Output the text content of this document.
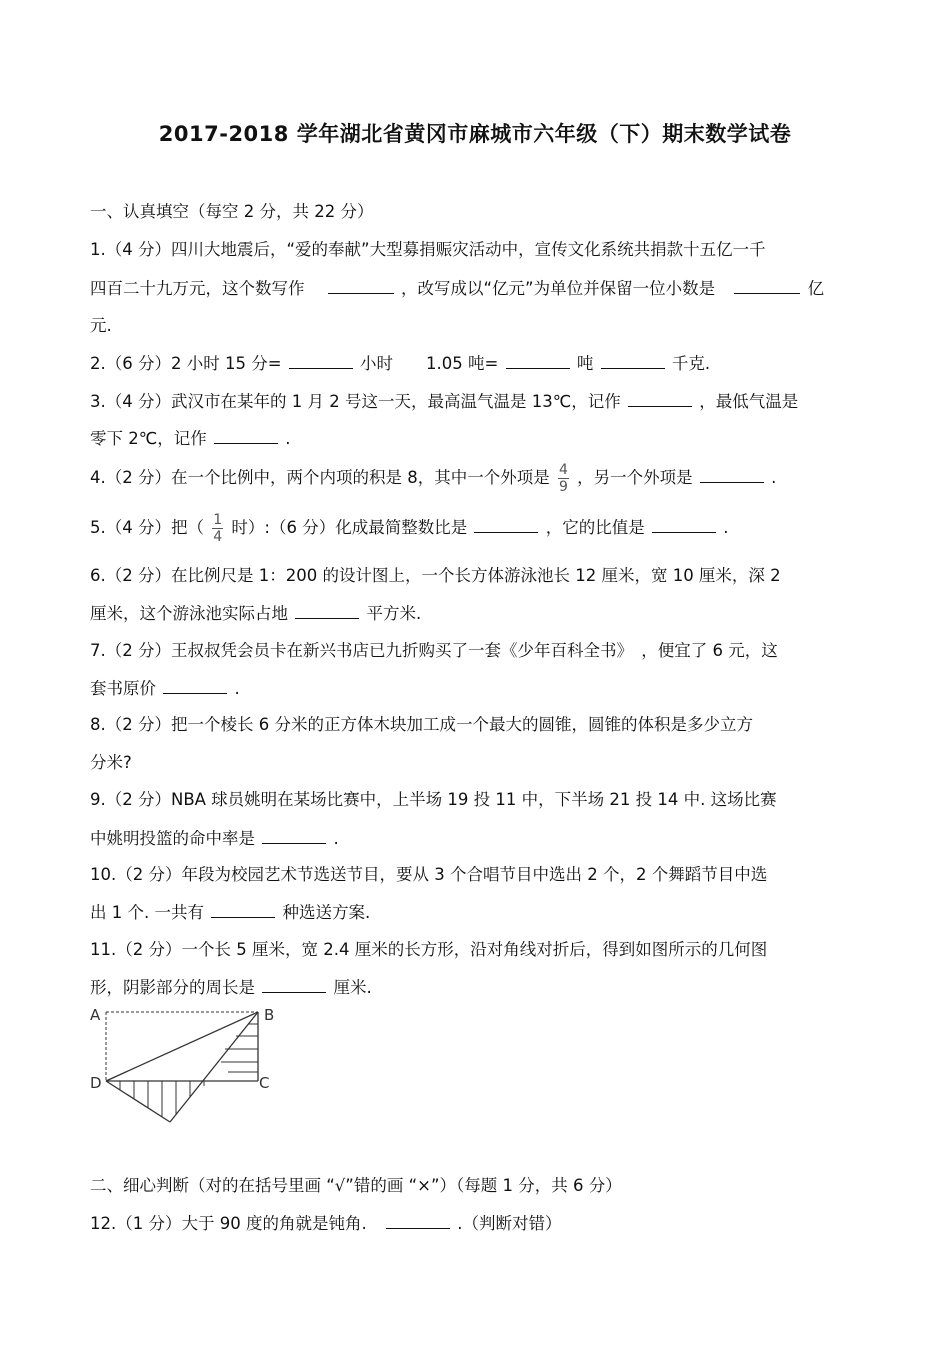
2017-2018 学年湖北省黄冈市麻城市六年级（下）期末数学试卷
一、认真填空（每空 2 分，共 22 分）
1.（4 分）四川大地震后，“爱的奉献”大型募捐赈灾活动中，宣传文化系统共捐款十五亿一千
四百二十九万元，这个数写作	，改写成以“亿元”为单位并保留一位小数是	亿
元.
2.（6 分）2 小时 15 分=	小时　　1.05 吨=	吨	千克.
3.（4 分）武汉市在某年的 1 月 2 号这一天，最高温气温是 13℃，记作	，最低气温是
零下 2℃，记作	.
4.（2 分）在一个比例中，两个内项的积是 8，其中一个外项是 $\frac{4}{9}$ ，另一个外项是	.
5.（4 分）把（ $\frac{1}{4}$ 时）:（6 分）化成最简整数比是	，它的比值是	.
6.（2 分）在比例尺是 1：200 的设计图上，一个长方体游泳池长 12 厘米，宽 10 厘米，深 2
厘米，这个游泳池实际占地	平方米.
7.（2 分）王叔叔凭会员卡在新兴书店已九折购买了一套《少年百科全书》　，便宜了 6 元，这
套书原价	.
8.（2 分）把一个棱长 6 分米的正方体木块加工成一个最大的圆锥，圆锥的体积是多少立方
分米?
9.（2 分）NBA 球员姚明在某场比赛中，上半场 19 投 11 中，下半场 21 投 14 中. 这场比赛
中姚明投篮的命中率是	.
10.（2 分）年段为校园艺术节选送节目，要从 3 个合唱节目中选出 2 个，2 个舞蹈节目中选
出 1 个. 一共有	种选送方案.
11.（2 分）一个长 5 厘米，宽 2.4 厘米的长方形，沿对角线对折后，得到如图所示的几何图
形，阴影部分的周长是	厘米.
A	B
D	C
二、细心判断（对的在括号里画 “√”错的画 “×”）（每题 1 分，共 6 分）
12.（1 分）大于 90 度的角就是钝角.	.（判断对错）
